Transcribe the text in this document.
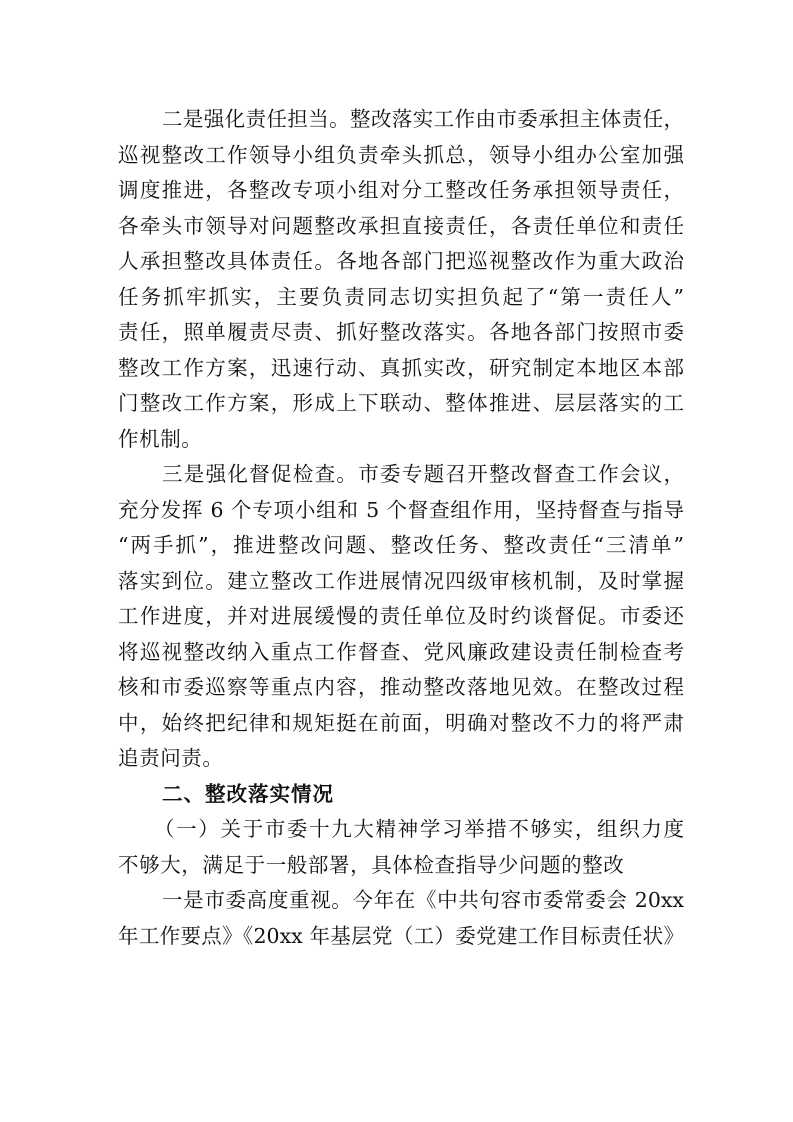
二是强化责任担当。整改落实工作由市委承担主体责任，
巡视整改工作领导小组负责牵头抓总，领导小组办公室加强
调度推进，各整改专项小组对分工整改任务承担领导责任，
各牵头市领导对问题整改承担直接责任，各责任单位和责任
人承担整改具体责任。各地各部门把巡视整改作为重大政治
任务抓牢抓实，主要负责同志切实担负起了“第一责任人”
责任，照单履责尽责、抓好整改落实。各地各部门按照市委
整改工作方案，迅速行动、真抓实改，研究制定本地区本部
门整改工作方案，形成上下联动、整体推进、层层落实的工
作机制。
三是强化督促检查。市委专题召开整改督查工作会议，
充分发挥 6 个专项小组和 5 个督查组作用，坚持督查与指导
“两手抓”，推进整改问题、整改任务、整改责任“三清单”
落实到位。建立整改工作进展情况四级审核机制，及时掌握
工作进度，并对进展缓慢的责任单位及时约谈督促。市委还
将巡视整改纳入重点工作督查、党风廉政建设责任制检查考
核和市委巡察等重点内容，推动整改落地见效。在整改过程
中，始终把纪律和规矩挺在前面，明确对整改不力的将严肃
追责问责。
二、整改落实情况
（一）关于市委十九大精神学习举措不够实，组织力度
不够大，满足于一般部署，具体检查指导少问题的整改
一是市委高度重视。今年在《中共句容市委常委会 20xx
年工作要点》《20xx 年基层党（工）委党建工作目标责任状》
